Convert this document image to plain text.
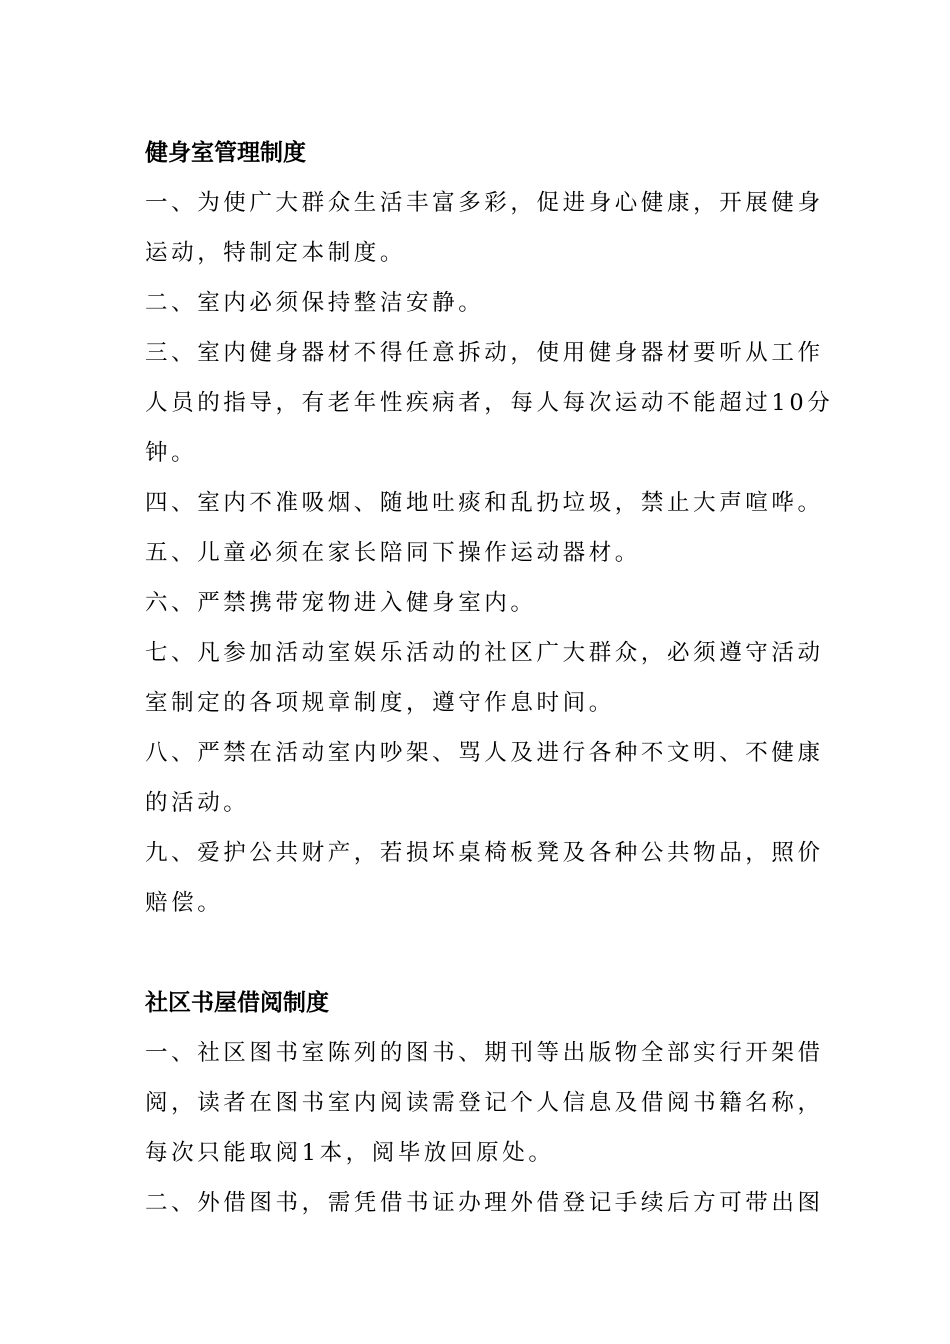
健身室管理制度

一、为使广大群众生活丰富多彩，促进身心健康，开展健身

运动，特制定本制度。

二、室内必须保持整洁安静。

三、室内健身器材不得任意拆动，使用健身器材要听从工作

人员的指导，有老年性疾病者，每人每次运动不能超过10分

钟。

四、室内不准吸烟、随地吐痰和乱扔垃圾，禁止大声喧哗。

五、儿童必须在家长陪同下操作运动器材。

六、严禁携带宠物进入健身室内。

七、凡参加活动室娱乐活动的社区广大群众，必须遵守活动

室制定的各项规章制度，遵守作息时间。

八、严禁在活动室内吵架、骂人及进行各种不文明、不健康

的活动。

九、爱护公共财产，若损坏桌椅板凳及各种公共物品，照价

赔偿。

社区书屋借阅制度

一、社区图书室陈列的图书、期刊等出版物全部实行开架借

阅，读者在图书室内阅读需登记个人信息及借阅书籍名称，

每次只能取阅1本，阅毕放回原处。

二、外借图书，需凭借书证办理外借登记手续后方可带出图
